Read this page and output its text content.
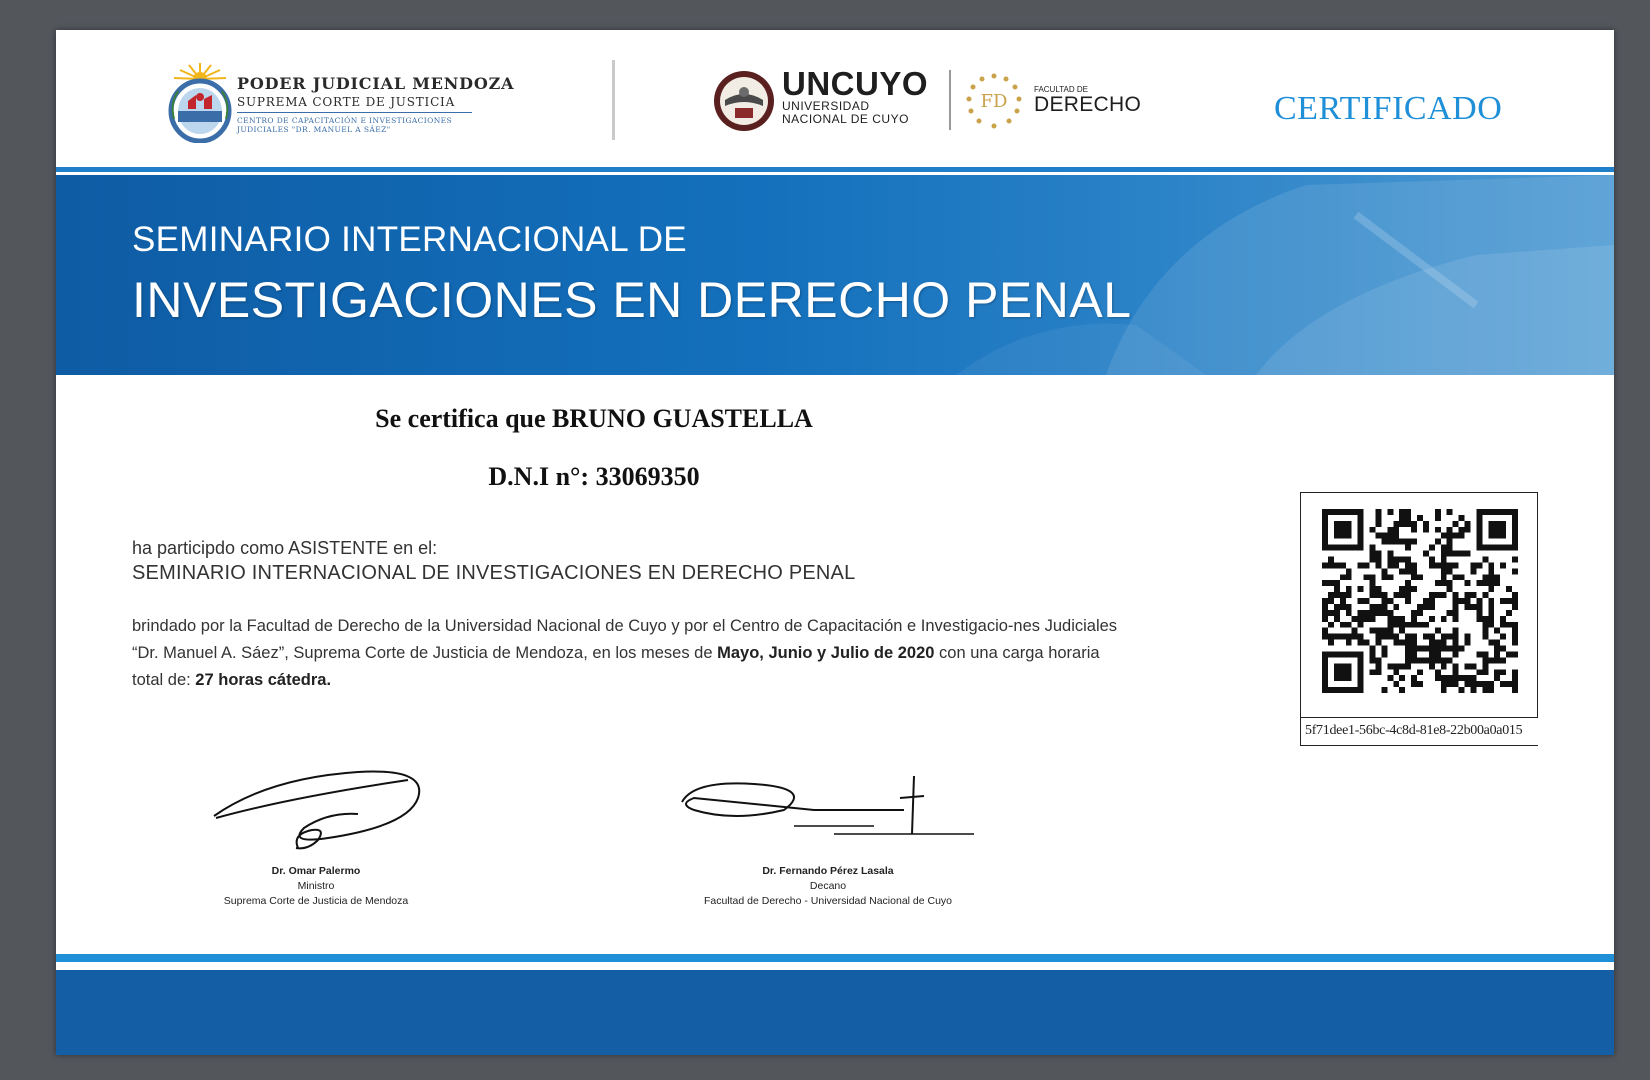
PODER JUDICIAL MENDOZA
SUPREMA CORTE DE JUSTICIA
CENTRO DE CAPACITACIÓN E INVESTIGACIONES JUDICIALES "DR. MANUEL A SÁEZ"
UNCUYO
UNIVERSIDAD
NACIONAL DE CUYO
FD
FACULTAD DE
DERECHO	CERTIFICADO
SEMINARIO INTERNACIONAL DE
INVESTIGACIONES EN DERECHO PENAL
Se certifica que BRUNO GUASTELLA
D.N.I n°: 33069350
ha participdo como ASISTENTE en el:
SEMINARIO INTERNACIONAL DE INVESTIGACIONES EN DERECHO PENAL
brindado por la Facultad de Derecho de la Universidad Nacional de Cuyo y por el Centro de Capacitación e Investigacio-nes Judiciales “Dr. Manuel A. Sáez”, Suprema Corte de Justicia de Mendoza, en los meses de Mayo, Junio y Julio de 2020 con una carga horaria total de: 27 horas cátedra.
5f71dee1-56bc-4c8d-81e8-22b00a0a015
Dr. Omar Palermo
Ministro
Suprema Corte de Justicia de Mendoza
Dr. Fernando Pérez Lasala
Decano
Facultad de Derecho - Universidad Nacional de Cuyo
